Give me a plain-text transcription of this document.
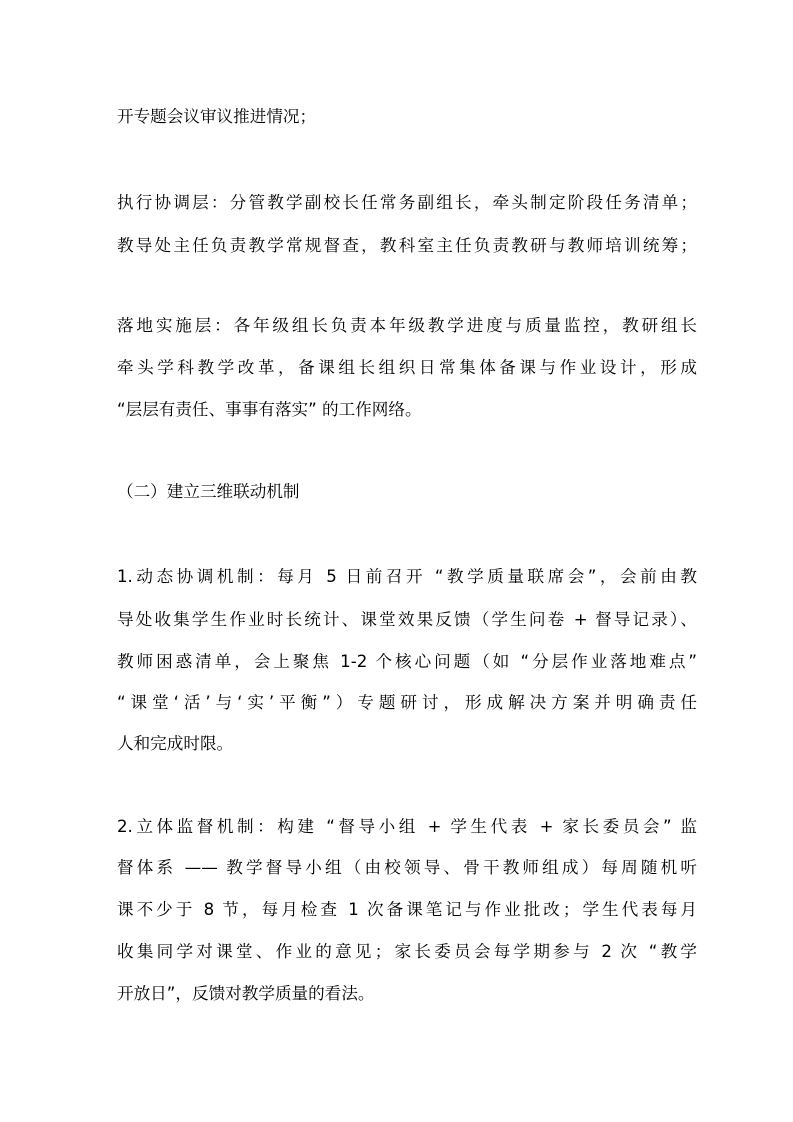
开专题会议审议推进情况；

执行协调层：分管教学副校长任常务副组长，牵头制定阶段任务清单；

教导处主任负责教学常规督查，教科室主任负责教研与教师培训统筹；

落地实施层：各年级组长负责本年级教学进度与质量监控，教研组长

牵头学科教学改革，备课组长组织日常集体备课与作业设计，形成

“层层有责任、事事有落实” 的工作网络。

（二）建立三维联动机制

1.动态协调机制：每月 5 日前召开 “教学质量联席会”，会前由教

导处收集学生作业时长统计、课堂效果反馈（学生问卷 + 督导记录）、

教师困惑清单，会上聚焦 1-2 个核心问题（如 “分层作业落地难点”

“课堂‘活’与‘实’平衡”）专题研讨，形成解决方案并明确责任

人和完成时限。

2.立体监督机制：构建 “督导小组 + 学生代表 + 家长委员会” 监

督体系 —— 教学督导小组（由校领导、骨干教师组成）每周随机听

课不少于 8 节，每月检查 1 次备课笔记与作业批改；学生代表每月

收集同学对课堂、作业的意见；家长委员会每学期参与 2 次 “教学

开放日”，反馈对教学质量的看法。
